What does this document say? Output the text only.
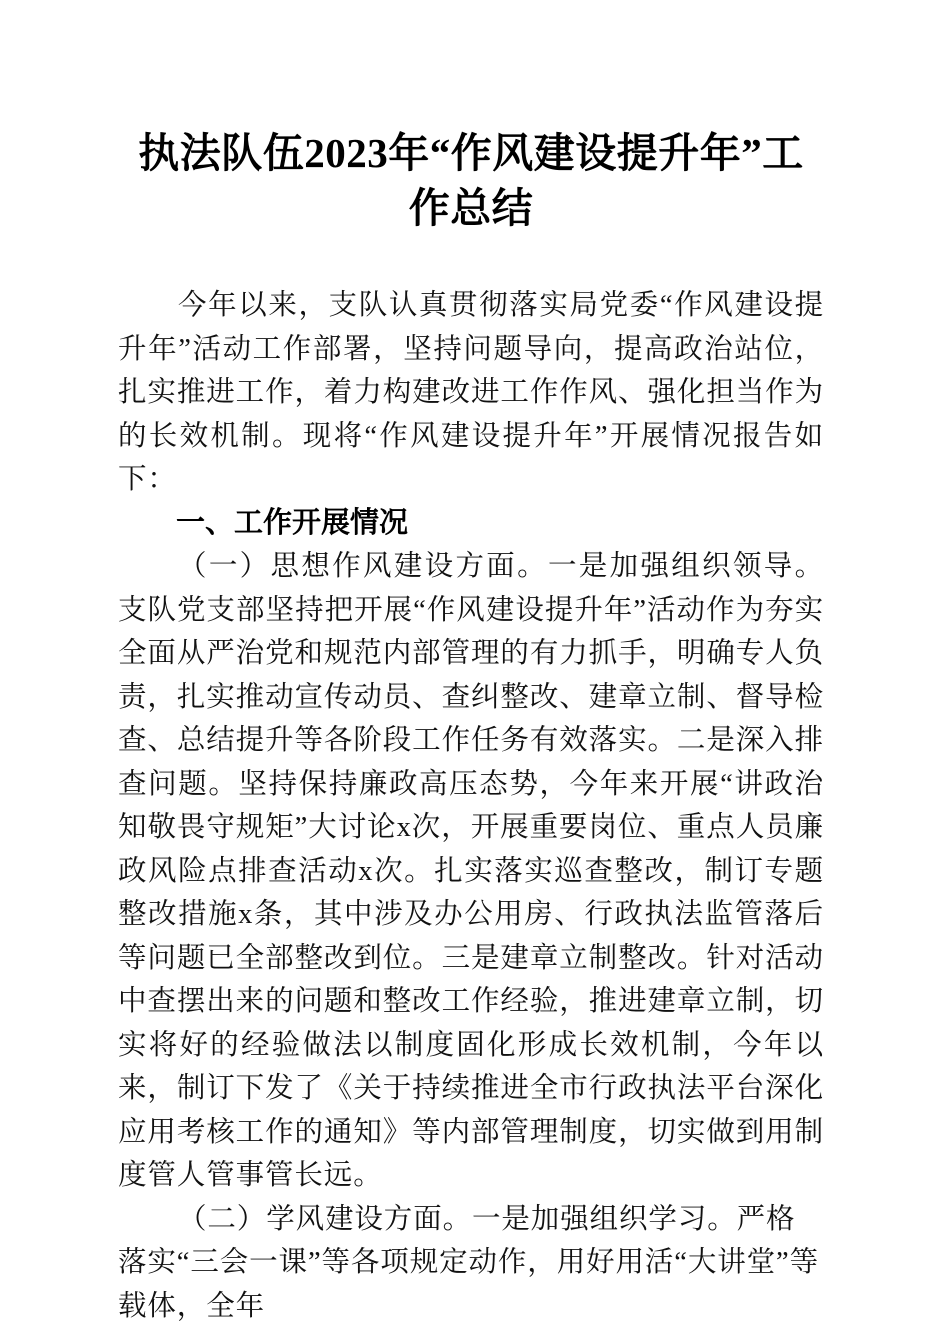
执法队伍2023年“作风建设提升年”工作总结

今年以来，支队认真贯彻落实局党委“作风建设提升年”活动工作部署，坚持问题导向，提高政治站位，扎实推进工作，着力构建改进工作作风、强化担当作为的长效机制。现将“作风建设提升年”开展情况报告如下：

一、工作开展情况

（一）思想作风建设方面。一是加强组织领导。支队党支部坚持把开展“作风建设提升年”活动作为夯实全面从严治党和规范内部管理的有力抓手，明确专人负责，扎实推动宣传动员、查纠整改、建章立制、督导检查、总结提升等各阶段工作任务有效落实。二是深入排查问题。坚持保持廉政高压态势，今年来开展“讲政治知敬畏守规矩”大讨论x次，开展重要岗位、重点人员廉政风险点排查活动x次。扎实落实巡查整改，制订专题整改措施x条，其中涉及办公用房、行政执法监管落后等问题已全部整改到位。三是建章立制整改。针对活动中查摆出来的问题和整改工作经验，推进建章立制，切实将好的经验做法以制度固化形成长效机制，今年以来，制订下发了《关于持续推进全市行政执法平台深化应用考核工作的通知》等内部管理制度，切实做到用制度管人管事管长远。

（二）学风建设方面。一是加强组织学习。严格落实“三会一课”等各项规定动作，用好用活“大讲堂”等载体，全年
